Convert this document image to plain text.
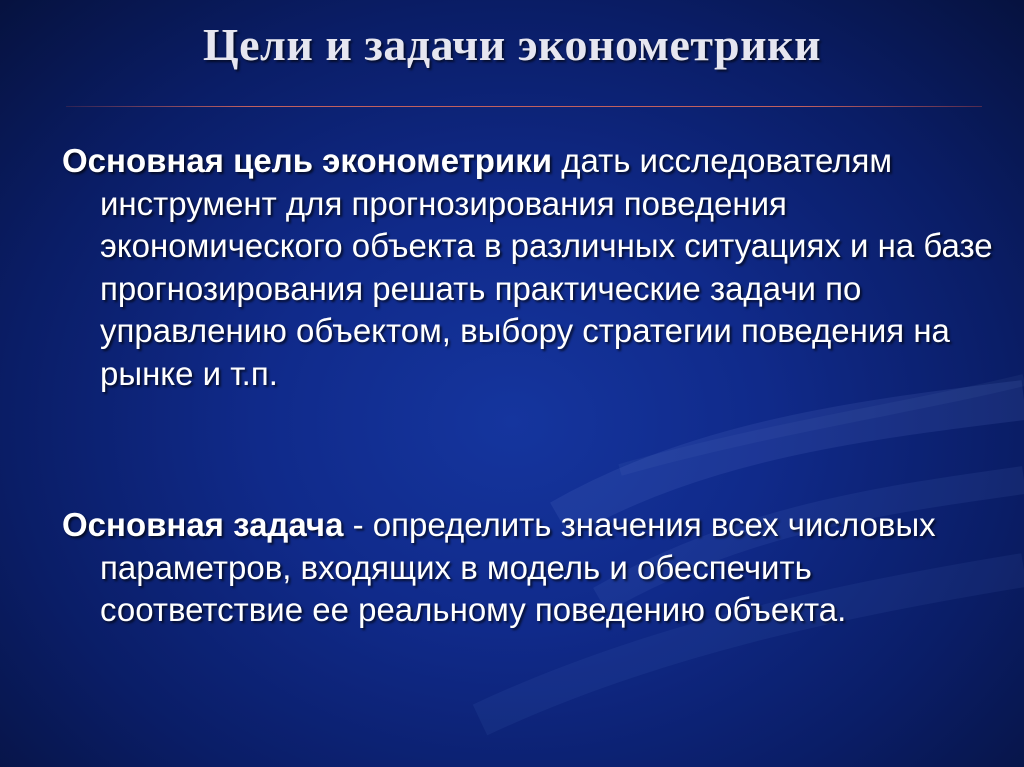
Цели и задачи эконометрики
Основная цель эконометрики дать исследователям инструмент для прогнозирования поведения экономического объекта в различных ситуациях и на базе прогнозирования решать практические задачи по управлению объектом, выбору стратегии поведения на рынке и т.п.
Основная задача - определить значения всех числовых параметров, входящих в модель и обеспечить соответствие ее реальному поведению объекта.
